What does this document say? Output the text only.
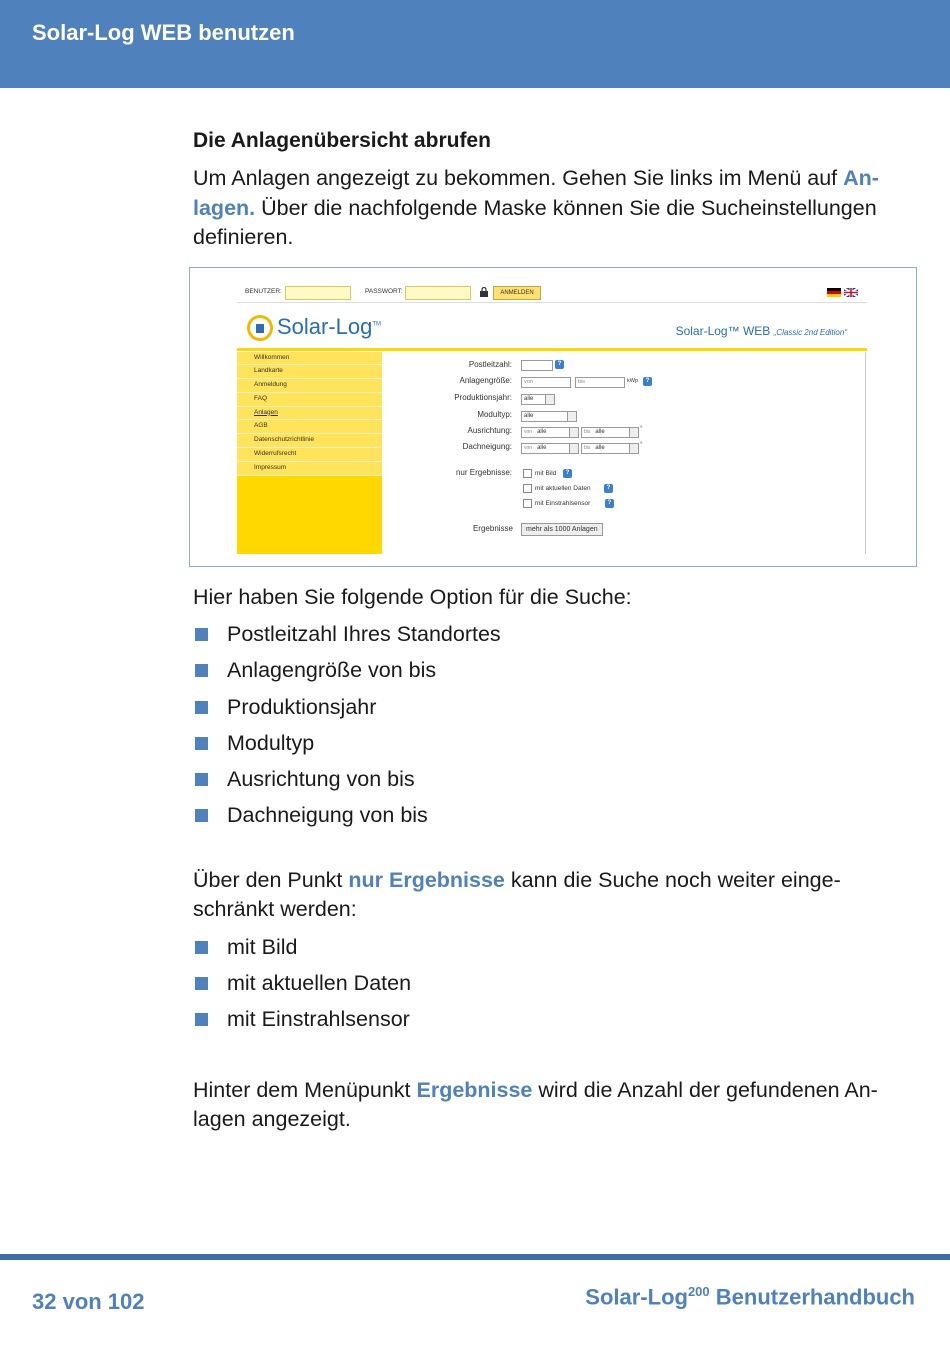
Solar-Log WEB benutzen
Die Anlagenübersicht abrufen

Um Anlagen angezeigt zu bekommen. Gehen Sie links im Menü auf An-
lagen. Über die nachfolgende Maske können Sie die Sucheinstellungen definieren.

BENUTZER:	PASSWORT:	ANMELDEN
Solar-Log™	Solar-Log™ WEB „Classic 2nd Edition“
Willkommen
Landkarte
Anmeldung
FAQ
Anlagen
AGB
Datenschutzrichtlinie
Widerrufsrecht
Impressum
Postleitzahl:	?
Anlagengröße:	von	bis	kWp	?
Produktionsjahr:	alle
Modultyp:	alle
Ausrichtung:	von alle	bis alle	°
Dachneigung:	von alle	bis alle	°
nur Ergebnisse:	mit Bild	?
mit aktuellen Daten	?
mit Einstrahlsensor	?
Ergebnisse	mehr als 1000 Anlagen

Hier haben Sie folgende Option für die Suche:

Postleitzahl Ihres Standortes
Anlagengröße von bis
Produktionsjahr
Modultyp
Ausrichtung von bis
Dachneigung von bis

Über den Punkt nur Ergebnisse kann die Suche noch weiter einge-
schränkt werden:

mit Bild
mit aktuellen Daten
mit Einstrahlsensor

Hinter dem Menüpunkt Ergebnisse wird die Anzahl der gefundenen An-
lagen angezeigt.

32 von 102	Solar-Log$^{200}$ Benutzerhandbuch
